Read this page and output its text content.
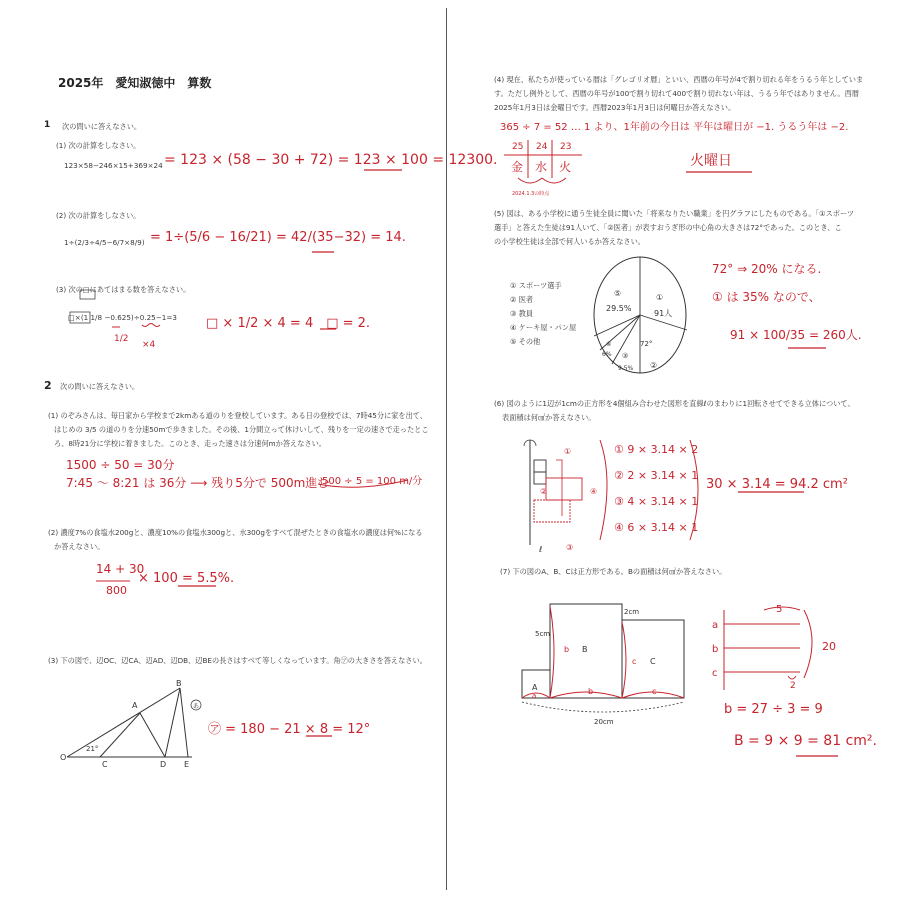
2025年　愛知淑徳中　算数
1 次の問いに答えなさい。
(1) 次の計算をしなさい。
123×58−246×15+369×24 = 123 × (58 − 30 + 72) = 123 × 100 = 12300.
(2) 次の計算をしなさい。
1÷(2/3÷4/5−6/7×8/9) = 1÷(5/6 − 16/21) = 42/(35−32) = 14.
(3) 次の□にあてはまる数を答えなさい。
□×(1 1/8 −0.625)÷0.25−1=3
1/2
×4
□ × 1/2 × 4 = 4　□ = 2.
2 次の問いに答えなさい。
(1) のぞみさんは、毎日家から学校まで2kmある道のりを登校しています。ある日の登校では、7時45分に家を出て、
はじめの 3/5 の道のりを分速50mで歩きました。その後、1分間立って休けいして、残りを一定の速さで走ったとこ
ろ、8時21分に学校に着きました。このとき、走った速さは分速何mか答えなさい。
1500 ÷ 50 = 30分
7:45 〜 8:21 は 36分 ⟶ 残り5分で 500m進む
500 ÷ 5 = 100 m/分
(2) 濃度7%の食塩水200gと、濃度10%の食塩水300gと、水300gをすべて混ぜたときの食塩水の濃度は何%になる
か答えなさい。
14 + 30
800
× 100 = 5.5%.
(3) 下の図で、辺OC、辺CA、辺AD、辺DB、辺BEの長さはすべて等しくなっています。角㋐の大きさを答えなさい。
㋐ = 180 − 21 × 8 = 12°
(4) 現在、私たちが使っている暦は「グレゴリオ暦」といい、西暦の年号が4で割り切れる年をうるう年としていま
す。ただし例外として、西暦の年号が100で割り切れて400で割り切れない年は、うるう年ではありません。西暦
2025年1月3日は金曜日です。西暦2023年1月3日は何曜日か答えなさい。
365 ÷ 7 = 52 … 1 より、1年前の今日は 平年は曜日が −1. うるう年は −2.
25 24 23
金 水 火
2024.1.3の時点
火曜日
(5) 図は、ある小学校に通う生徒全員に聞いた「将来なりたい職業」を円グラフにしたものである。「①スポーツ
選手」と答えた生徒は91人いて、「②医者」が表すおうぎ形の中心角の大きさは72°であった。このとき、こ
の小学校生徒は全部で何人いるか答えなさい。
① スポーツ選手
② 医者
③ 教員
④ ケーキ屋・パン屋
⑤ その他
72° ⇒ 20% になる.
① は 35% なので、
91 × 100/35 = 260人.
(6) 図のように1辺が1cmの正方形を4個組み合わせた図形を直線ℓのまわりに1回転させてできる立体について、
表面積は何㎠か答えなさい。
① 9 × 3.14 × 2
② 2 × 3.14 × 1
③ 4 × 3.14 × 1
④ 6 × 3.14 × 1
30 × 3.14 = 94.2 cm²
(7) 下の図のA、B、Cは正方形である。Bの面積は何㎠か答えなさい。
b = 27 ÷ 3 = 9
B = 9 × 9 = 81 cm².
O
C
A
D
B
E
21°
あ
⑤
29.5%
①
91人
72°
②
③
9.5%
④
6%
ℓ
①
②
③
④
A
B
C
5cm
2cm
20cm
b
b
c
c
a
a
b
c
5
2
20
